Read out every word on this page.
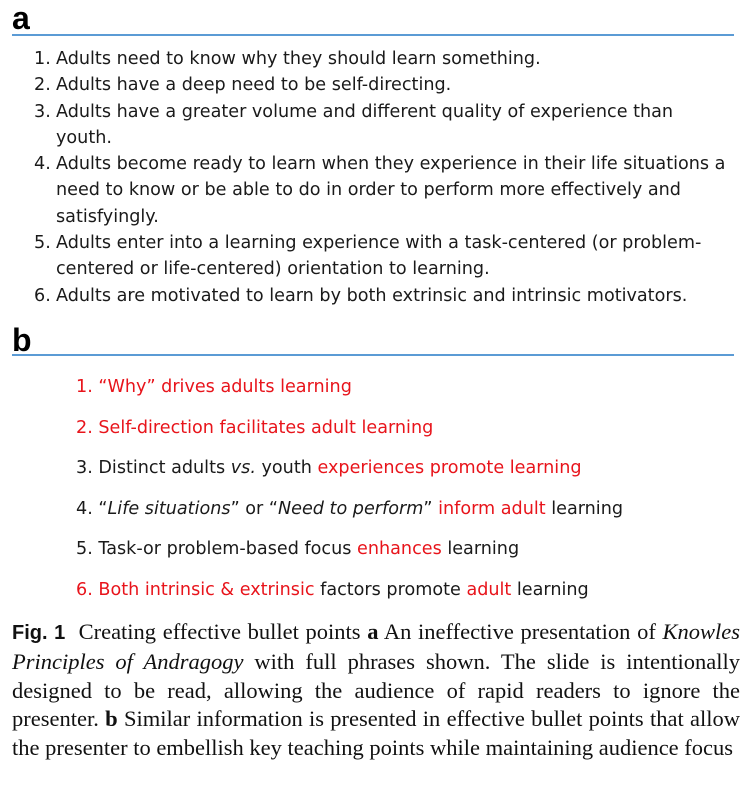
a
1. Adults need to know why they should learn something.
2. Adults have a deep need to be self-directing.
3. Adults have a greater volume and different quality of experience than youth.
4. Adults become ready to learn when they experience in their life situations a need to know or be able to do in order to perform more effectively and satisfyingly.
5. Adults enter into a learning experience with a task-centered (or problem-centered or life-centered) orientation to learning.
6. Adults are motivated to learn by both extrinsic and intrinsic motivators.
b
1. “Why” drives adults learning
2. Self-direction facilitates adult learning
3. Distinct adults vs. youth experiences promote learning
4. “Life situations” or “Need to perform” inform adult learning
5. Task-or problem-based focus enhances learning
6. Both intrinsic & extrinsic factors promote adult learning
Fig. 1 Creating effective bullet points a An ineffective presentation of Knowles Principles of Andragogy with full phrases shown. The slide is intentionally designed to be read, allowing the audience of rapid readers to ignore the presenter. b Similar information is presented in effective bullet points that allow the presenter to embellish key teaching points while maintaining audience focus
